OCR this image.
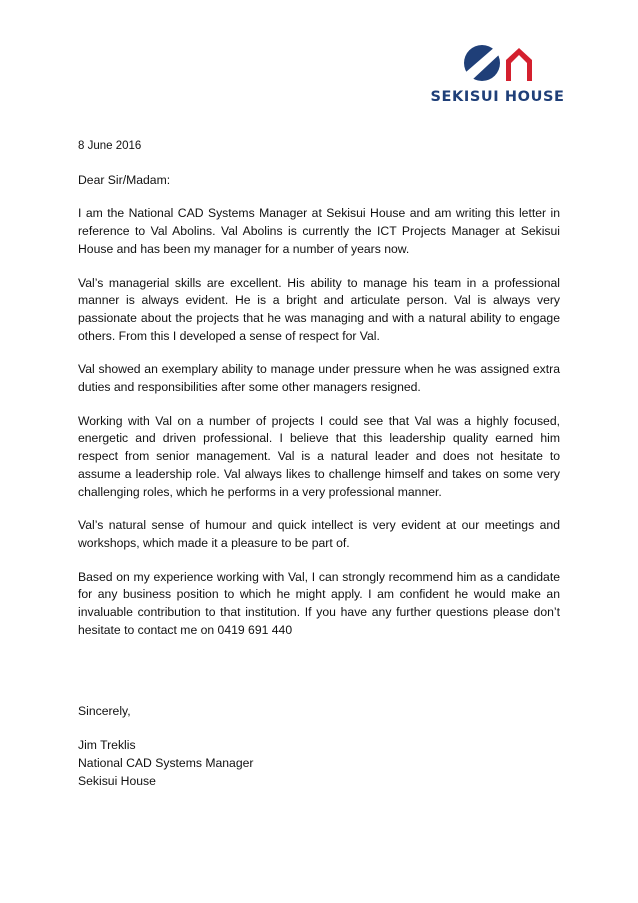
SEKISUI HOUSE

8 June 2016

Dear Sir/Madam:

I am the National CAD Systems Manager at Sekisui House and am writing this letter in reference to Val Abolins. Val Abolins is currently the ICT Projects Manager at Sekisui House and has been my manager for a number of years now.

Val’s managerial skills are excellent. His ability to manage his team in a professional manner is always evident. He is a bright and articulate person. Val is always very passionate about the projects that he was managing and with a natural ability to engage others. From this I developed a sense of respect for Val.

Val showed an exemplary ability to manage under pressure when he was assigned extra duties and responsibilities after some other managers resigned.

Working with Val on a number of projects I could see that Val was a highly focused, energetic and driven professional. I believe that this leadership quality earned him respect from senior management. Val is a natural leader and does not hesitate to assume a leadership role. Val always likes to challenge himself and takes on some very challenging roles, which he performs in a very professional manner.

Val’s natural sense of humour and quick intellect is very evident at our meetings and workshops, which made it a pleasure to be part of.

Based on my experience working with Val, I can strongly recommend him as a candidate for any business position to which he might apply. I am confident he would make an invaluable contribution to that institution. If you have any further questions please don’t hesitate to contact me on 0419 691 440

Sincerely,

Jim Treklis
National CAD Systems Manager
Sekisui House
